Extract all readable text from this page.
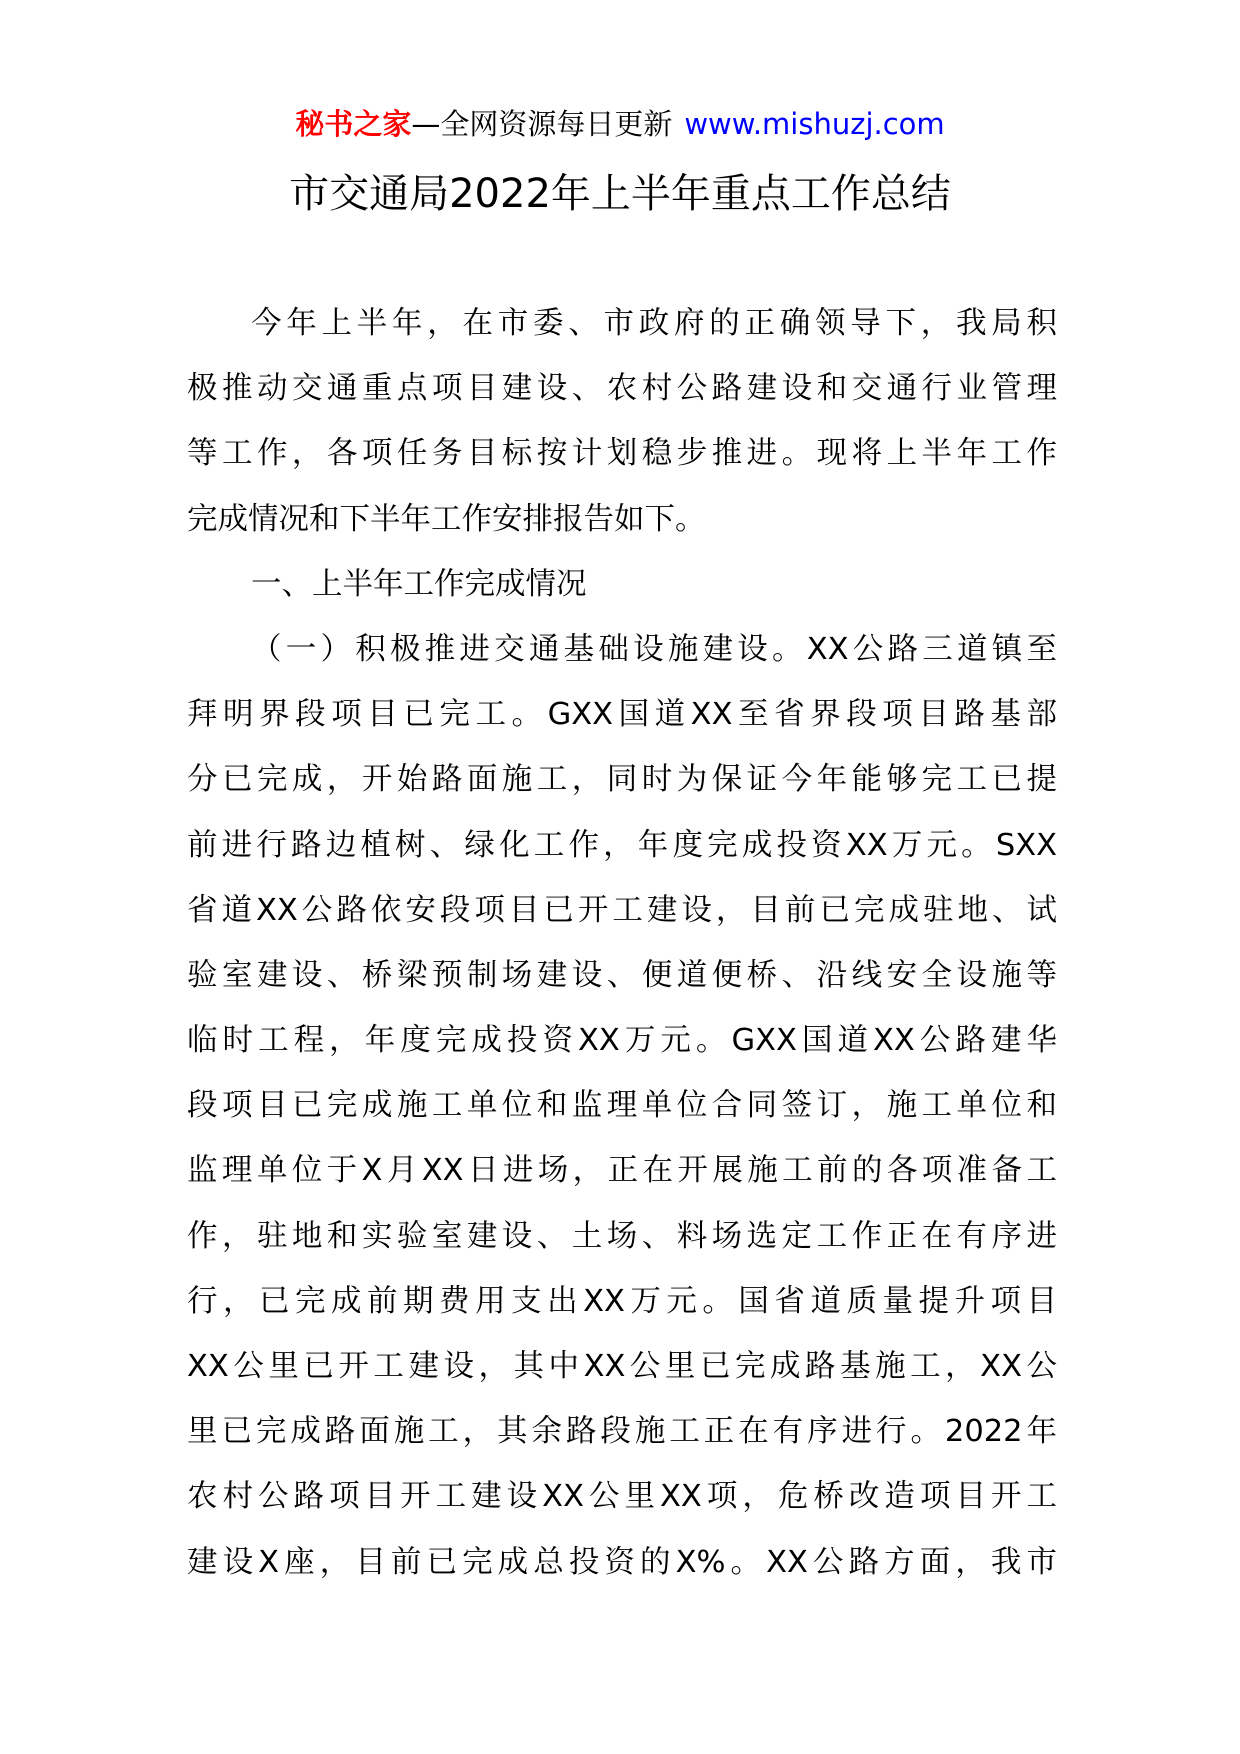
秘书之家—全网资源每日更新 www.mishuzj.com
市交通局2022年上半年重点工作总结
今年上半年，在市委、市政府的正确领导下，我局积
极推动交通重点项目建设、农村公路建设和交通行业管理
等工作，各项任务目标按计划稳步推进。现将上半年工作
完成情况和下半年工作安排报告如下。
一、上半年工作完成情况
（一）积极推进交通基础设施建设。XX公路三道镇至
拜明界段项目已完工。GXX国道XX至省界段项目路基部
分已完成，开始路面施工，同时为保证今年能够完工已提
前进行路边植树、绿化工作，年度完成投资XX万元。SXX
省道XX公路依安段项目已开工建设，目前已完成驻地、试
验室建设、桥梁预制场建设、便道便桥、沿线安全设施等
临时工程，年度完成投资XX万元。GXX国道XX公路建华
段项目已完成施工单位和监理单位合同签订，施工单位和
监理单位于X月XX日进场，正在开展施工前的各项准备工
作，驻地和实验室建设、土场、料场选定工作正在有序进
行，已完成前期费用支出XX万元。国省道质量提升项目
XX公里已开工建设，其中XX公里已完成路基施工，XX公
里已完成路面施工，其余路段施工正在有序进行。2022年
农村公路项目开工建设XX公里XX项，危桥改造项目开工
建设X座，目前已完成总投资的X%。XX公路方面，我市
